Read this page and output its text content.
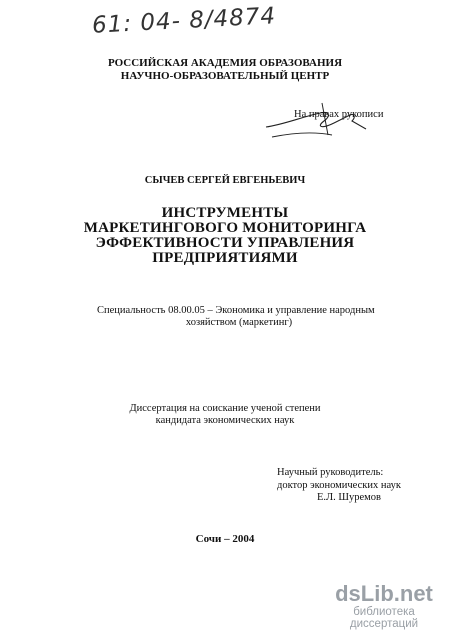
61: 04- 8/4874
РОССИЙСКАЯ АКАДЕМИЯ ОБРАЗОВАНИЯ
НАУЧНО-ОБРАЗОВАТЕЛЬНЫЙ ЦЕНТР
На правах рукописи
СЫЧЕВ СЕРГЕЙ ЕВГЕНЬЕВИЧ
ИНСТРУМЕНТЫ
МАРКЕТИНГОВОГО МОНИТОРИНГА
ЭФФЕКТИВНОСТИ УПРАВЛЕНИЯ
ПРЕДПРИЯТИЯМИ
Специальность 08.00.05 – Экономика и управление народным
хозяйством (маркетинг)
Диссертация на соискание ученой степени
кандидата экономических наук
Научный руководитель:
доктор экономических наук
Е.Л. Шуремов
Сочи – 2004
dsLib.net
библиотека диссертаций
